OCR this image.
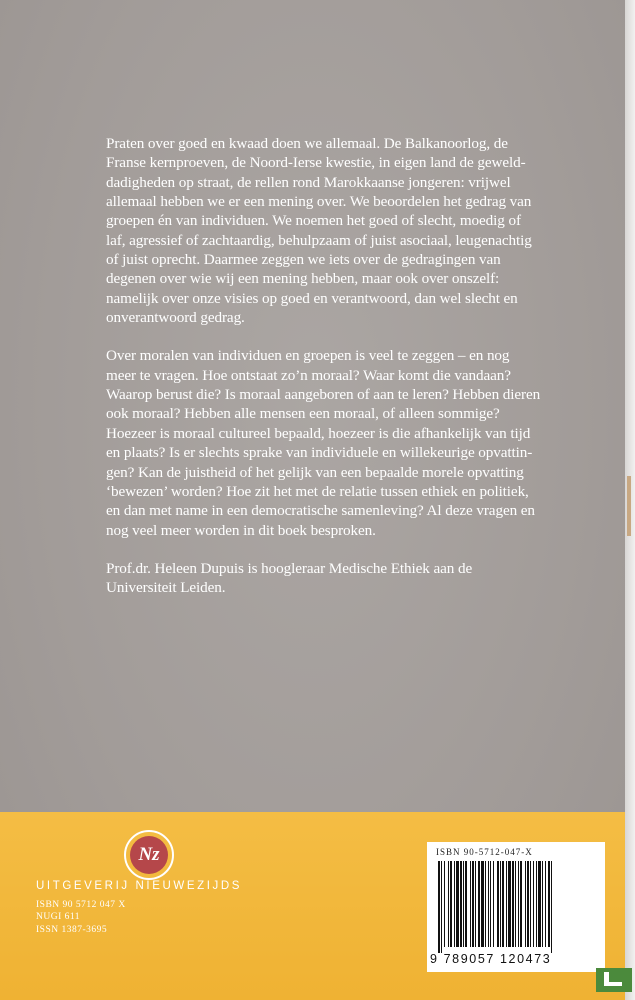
Praten over goed en kwaad doen we allemaal. De Balkanoorlog, de
Franse kernproeven, de Noord-Ierse kwestie, in eigen land de geweld-
dadigheden op straat, de rellen rond Marokkaanse jongeren: vrijwel
allemaal hebben we er een mening over. We beoordelen het gedrag van
groepen én van individuen. We noemen het goed of slecht, moedig of
laf, agressief of zachtaardig, behulpzaam of juist asociaal, leugenachtig
of juist oprecht. Daarmee zeggen we iets over de gedragingen van
degenen over wie wij een mening hebben, maar ook over onszelf:
namelijk over onze visies op goed en verantwoord, dan wel slecht en
onverantwoord gedrag.

Over moralen van individuen en groepen is veel te zeggen – en nog
meer te vragen. Hoe ontstaat zo’n moraal? Waar komt die vandaan?
Waarop berust die? Is moraal aangeboren of aan te leren? Hebben dieren
ook moraal? Hebben alle mensen een moraal, of alleen sommige?
Hoezeer is moraal cultureel bepaald, hoezeer is die afhankelijk van tijd
en plaats? Is er slechts sprake van individuele en willekeurige opvattin-
gen? Kan de juistheid of het gelijk van een bepaalde morele opvatting
‘bewezen’ worden? Hoe zit het met de relatie tussen ethiek en politiek,
en dan met name in een democratische samenleving? Al deze vragen en
nog veel meer worden in dit boek besproken.

Prof.dr. Heleen Dupuis is hoogleraar Medische Ethiek aan de
Universiteit Leiden.

Nz
UITGEVERIJ NIEUWEZIJDS
ISBN 90 5712 047 X
NUGI 611
ISSN 1387-3695
ISBN 90-5712-047-X
9 789057 120473
